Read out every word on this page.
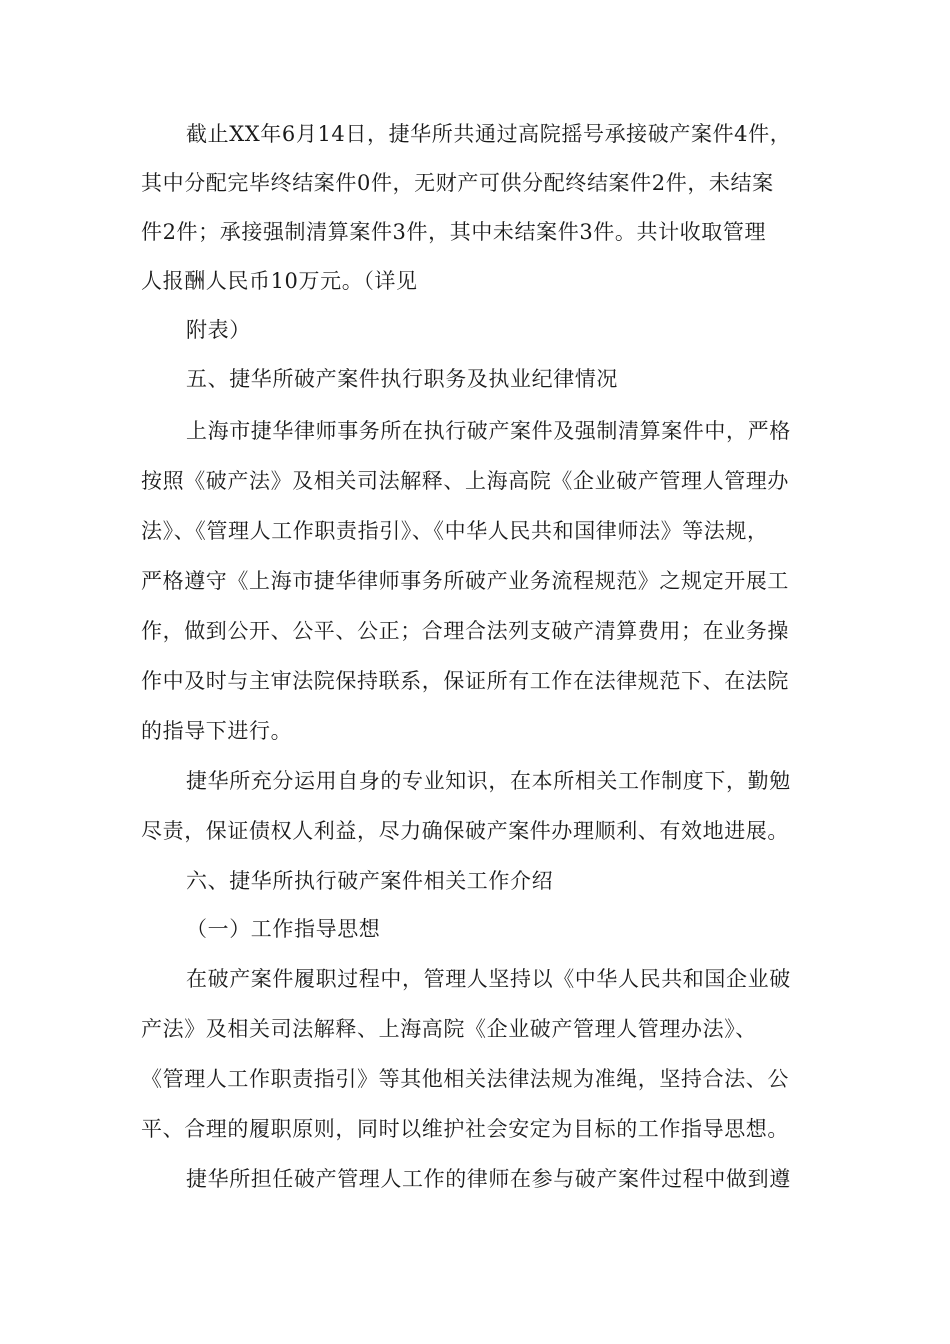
截止XX年6月14日，捷华所共通过高院摇号承接破产案件4件，
其中分配完毕终结案件0件，无财产可供分配终结案件2件，未结案
件2件；承接强制清算案件3件，其中未结案件3件。共计收取管理
人报酬人民币10万元。（详见
附表）
五、捷华所破产案件执行职务及执业纪律情况
上海市捷华律师事务所在执行破产案件及强制清算案件中，严格
按照《破产法》及相关司法解释、上海高院《企业破产管理人管理办
法》、《管理人工作职责指引》、《中华人民共和国律师法》等法规，
严格遵守《上海市捷华律师事务所破产业务流程规范》之规定开展工
作，做到公开、公平、公正；合理合法列支破产清算费用；在业务操
作中及时与主审法院保持联系，保证所有工作在法律规范下、在法院
的指导下进行。
捷华所充分运用自身的专业知识，在本所相关工作制度下，勤勉
尽责，保证债权人利益，尽力确保破产案件办理顺利、有效地进展。
六、捷华所执行破产案件相关工作介绍
（一）工作指导思想
在破产案件履职过程中，管理人坚持以《中华人民共和国企业破
产法》及相关司法解释、上海高院《企业破产管理人管理办法》、
《管理人工作职责指引》等其他相关法律法规为准绳，坚持合法、公
平、合理的履职原则，同时以维护社会安定为目标的工作指导思想。
捷华所担任破产管理人工作的律师在参与破产案件过程中做到遵
